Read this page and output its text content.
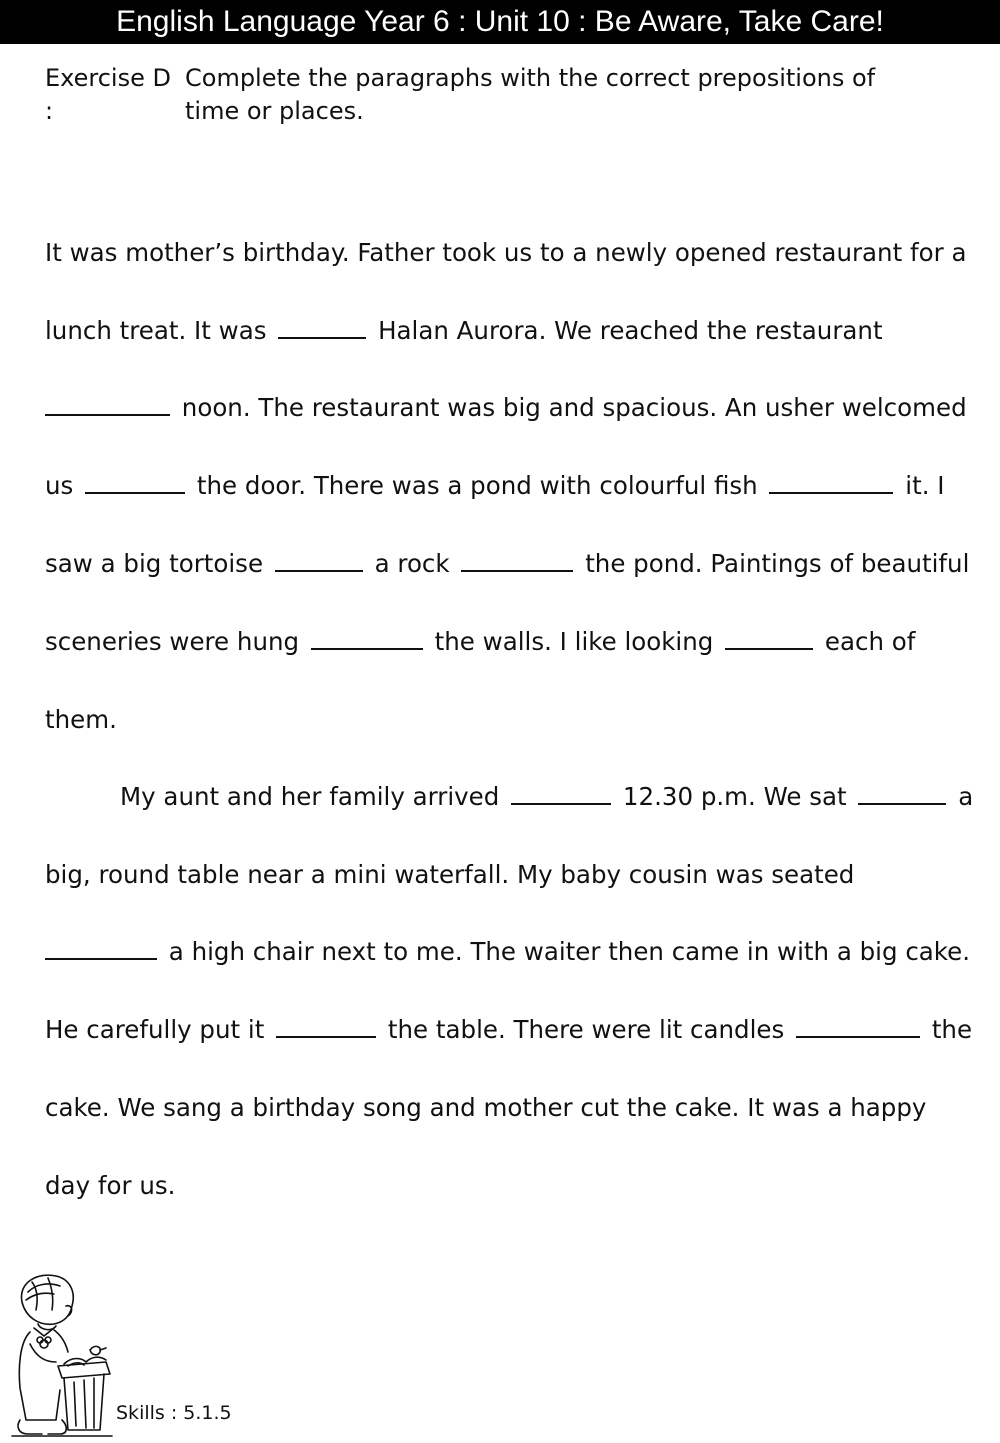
English Language Year 6 : Unit 10 : Be Aware, Take Care!
Exercise D :Complete the paragraphs with the correct prepositions of time or places.
It was mother’s birthday. Father took us to a newly opened restaurant for a
lunch treat. It was	Halan Aurora. We reached the restaurant
noon. The restaurant was big and spacious. An usher welcomed
us	the door. There was a pond with colourful fish	it. I
saw a big tortoise	a rock	the pond. Paintings of beautiful
sceneries were hung	the walls. I like looking	each of
them.
My aunt and her family arrived	12.30 p.m. We sat	a
big, round table near a mini waterfall. My baby cousin was seated
a high chair next to me. The waiter then came in with a big cake.
He carefully put it	the table. There were lit candles	the
cake. We sang a birthday song and mother cut the cake. It was a happy
day for us.
Skills : 5.1.5
